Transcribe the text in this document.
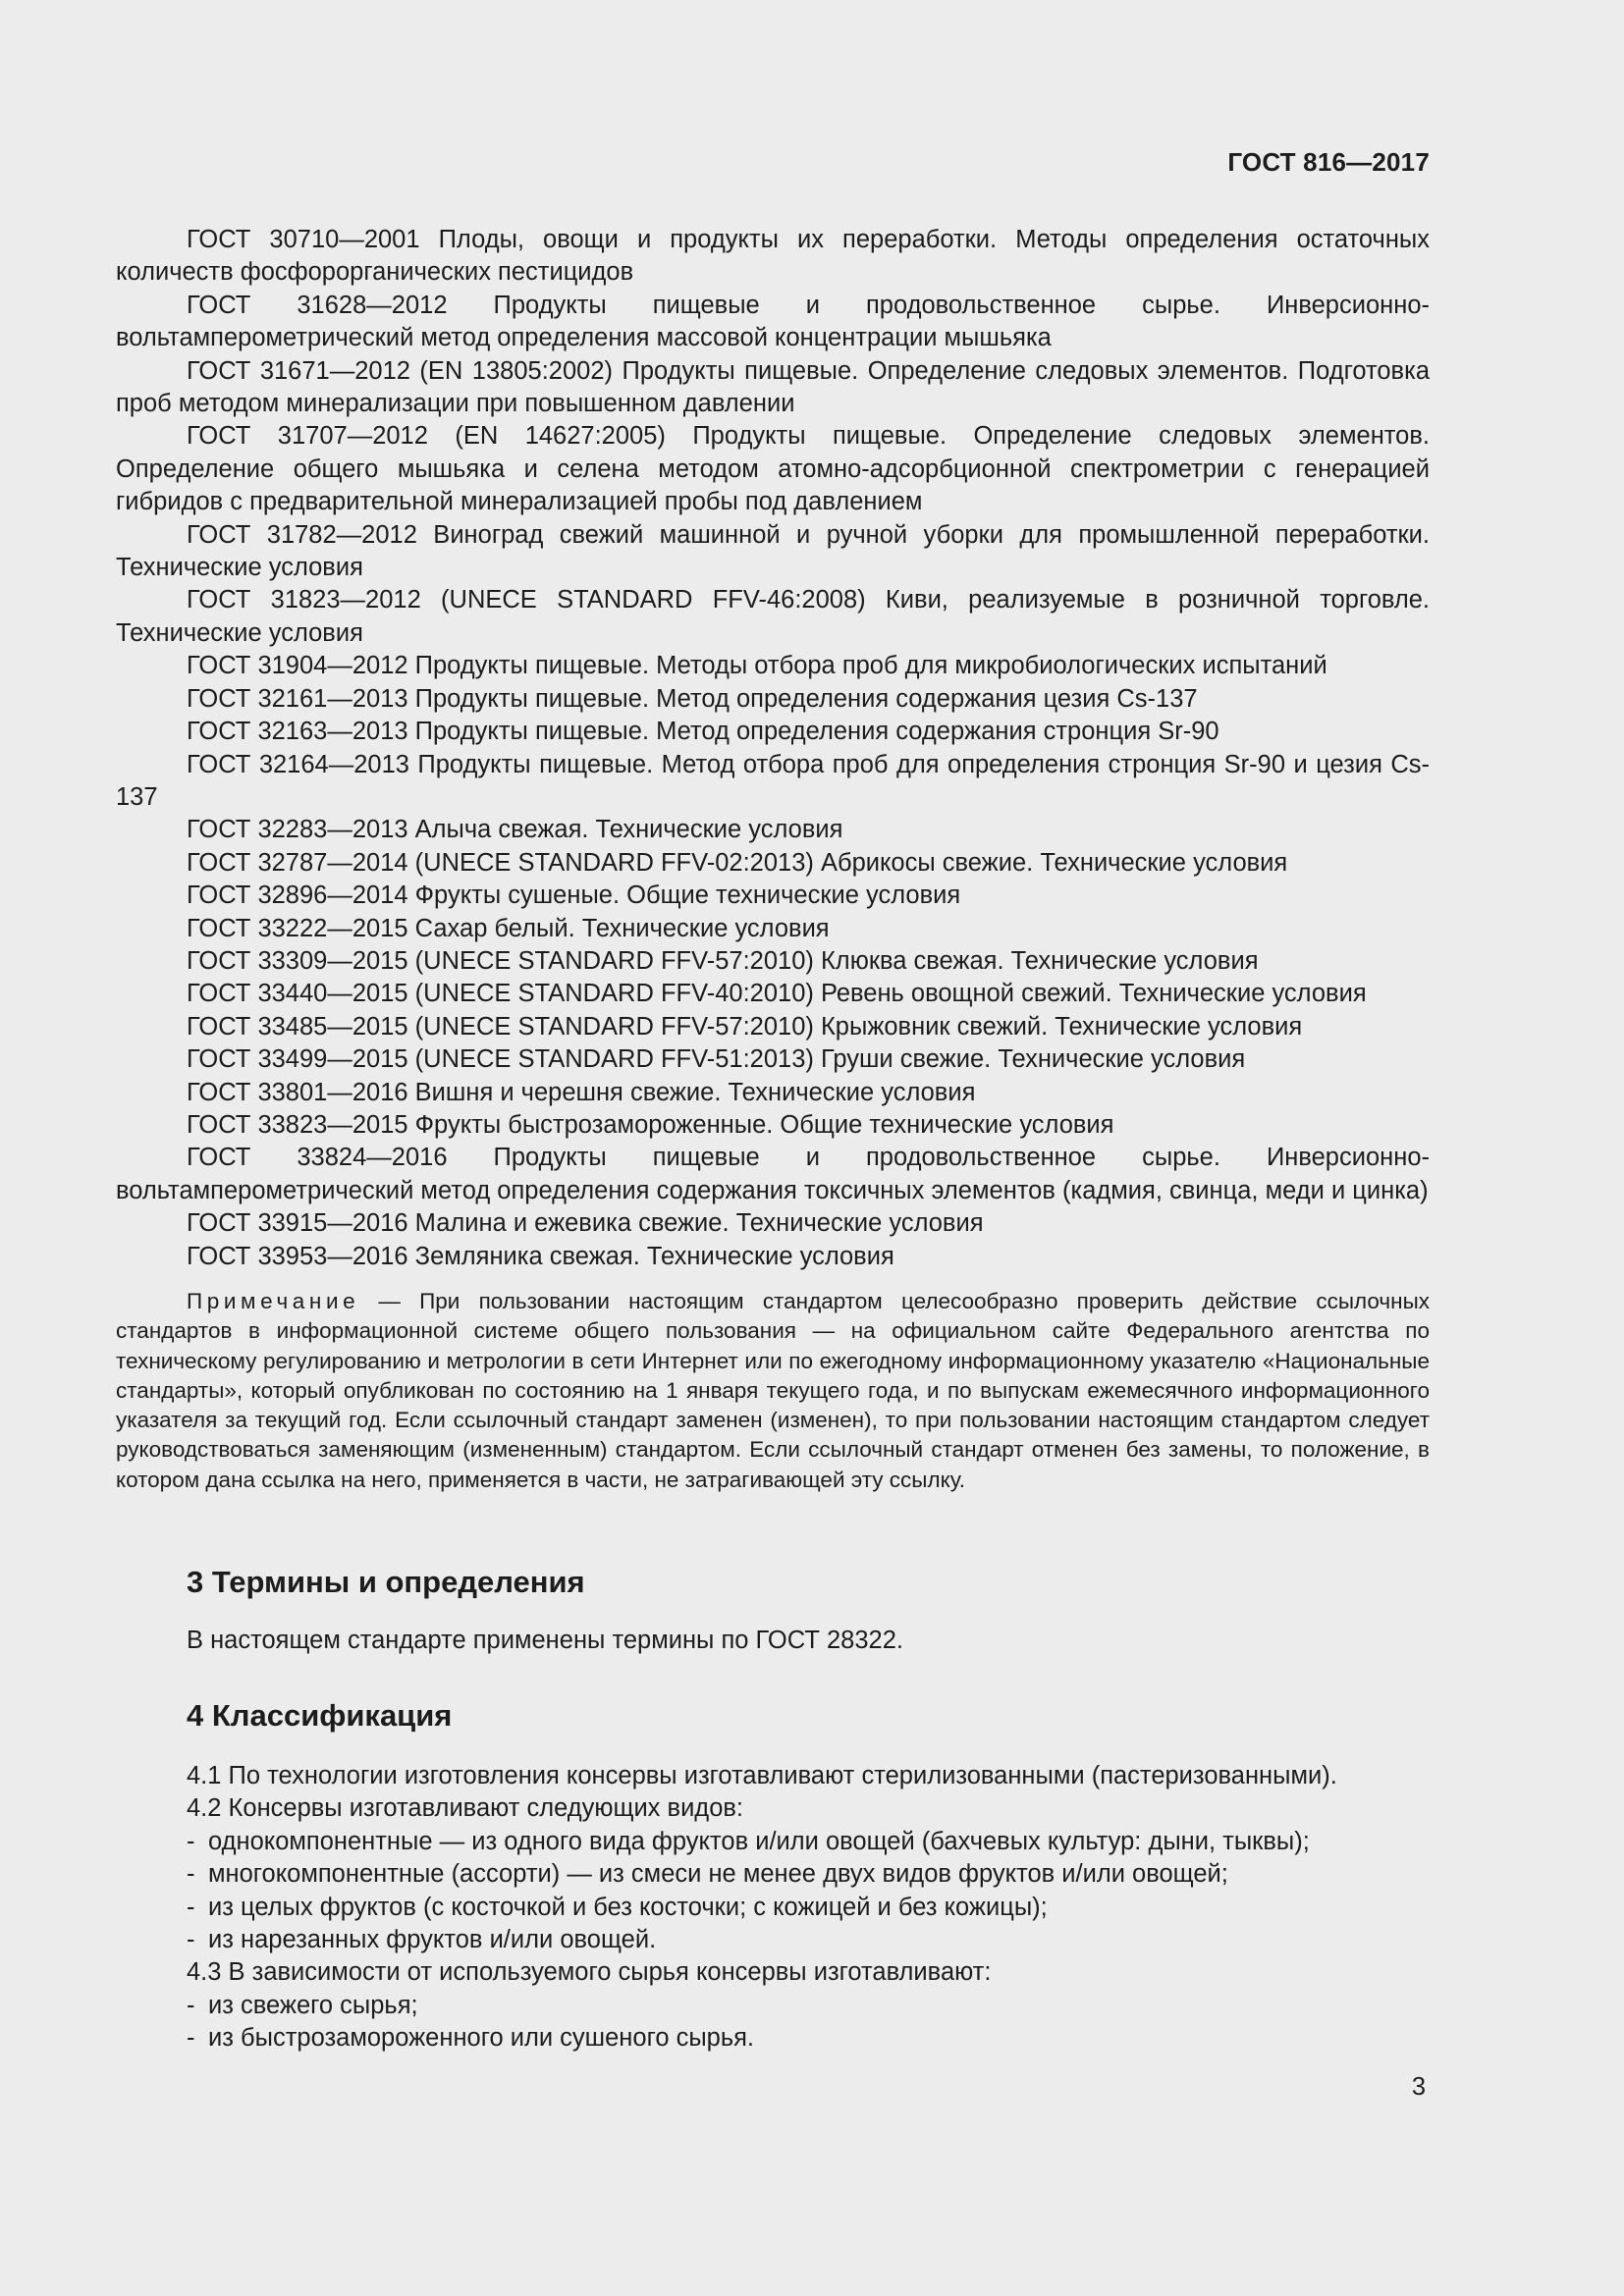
ГОСТ 816—2017

ГОСТ 30710—2001 Плоды, овощи и продукты их переработки. Методы определения остаточных количеств фосфорорганических пестицидов

ГОСТ 31628—2012 Продукты пищевые и продовольственное сырье. Инверсионно-вольтамперометрический метод определения массовой концентрации мышьяка

ГОСТ 31671—2012 (EN 13805:2002) Продукты пищевые. Определение следовых элементов. Подготовка проб методом минерализации при повышенном давлении

ГОСТ 31707—2012 (EN 14627:2005) Продукты пищевые. Определение следовых элементов. Определение общего мышьяка и селена методом атомно-адсорбционной спектрометрии с генерацией гибридов с предварительной минерализацией пробы под давлением

ГОСТ 31782—2012 Виноград свежий машинной и ручной уборки для промышленной переработки. Технические условия

ГОСТ 31823—2012 (UNECE STANDARD FFV-46:2008) Киви, реализуемые в розничной торговле. Технические условия

ГОСТ 31904—2012 Продукты пищевые. Методы отбора проб для микробиологических испытаний

ГОСТ 32161—2013 Продукты пищевые. Метод определения содержания цезия Cs-137

ГОСТ 32163—2013 Продукты пищевые. Метод определения содержания стронция Sr-90

ГОСТ 32164—2013 Продукты пищевые. Метод отбора проб для определения стронция Sr-90 и цезия Cs-137

ГОСТ 32283—2013 Алыча свежая. Технические условия

ГОСТ 32787—2014 (UNECE STANDARD FFV-02:2013) Абрикосы свежие. Технические условия

ГОСТ 32896—2014 Фрукты сушеные. Общие технические условия

ГОСТ 33222—2015 Сахар белый. Технические условия

ГОСТ 33309—2015 (UNECE STANDARD FFV-57:2010) Клюква свежая. Технические условия

ГОСТ 33440—2015 (UNECE STANDARD FFV-40:2010) Ревень овощной свежий. Технические условия

ГОСТ 33485—2015 (UNECE STANDARD FFV-57:2010) Крыжовник свежий. Технические условия

ГОСТ 33499—2015 (UNECE STANDARD FFV-51:2013) Груши свежие. Технические условия

ГОСТ 33801—2016 Вишня и черешня свежие. Технические условия

ГОСТ 33823—2015 Фрукты быстрозамороженные. Общие технические условия

ГОСТ 33824—2016 Продукты пищевые и продовольственное сырье. Инверсионно-вольтамперометрический метод определения содержания токсичных элементов (кадмия, свинца, меди и цинка)

ГОСТ 33915—2016 Малина и ежевика свежие. Технические условия

ГОСТ 33953—2016 Земляника свежая. Технические условия

Примечание — При пользовании настоящим стандартом целесообразно проверить действие ссылочных стандартов в информационной системе общего пользования — на официальном сайте Федерального агентства по техническому регулированию и метрологии в сети Интернет или по ежегодному информационному указателю «Национальные стандарты», который опубликован по состоянию на 1 января текущего года, и по выпускам ежемесячного информационного указателя за текущий год. Если ссылочный стандарт заменен (изменен), то при пользовании настоящим стандартом следует руководствоваться заменяющим (измененным) стандартом. Если ссылочный стандарт отменен без замены, то положение, в котором дана ссылка на него, применяется в части, не затрагивающей эту ссылку.

3 Термины и определения

В настоящем стандарте применены термины по ГОСТ 28322.

4 Классификация

4.1 По технологии изготовления консервы изготавливают стерилизованными (пастеризованными).

4.2 Консервы изготавливают следующих видов:

- однокомпонентные — из одного вида фруктов и/или овощей (бахчевых культур: дыни, тыквы);

- многокомпонентные (ассорти) — из смеси не менее двух видов фруктов и/или овощей;

- из целых фруктов (с косточкой и без косточки; с кожицей и без кожицы);

- из нарезанных фруктов и/или овощей.

4.3 В зависимости от используемого сырья консервы изготавливают:

- из свежего сырья;

- из быстрозамороженного или сушеного сырья.

3
